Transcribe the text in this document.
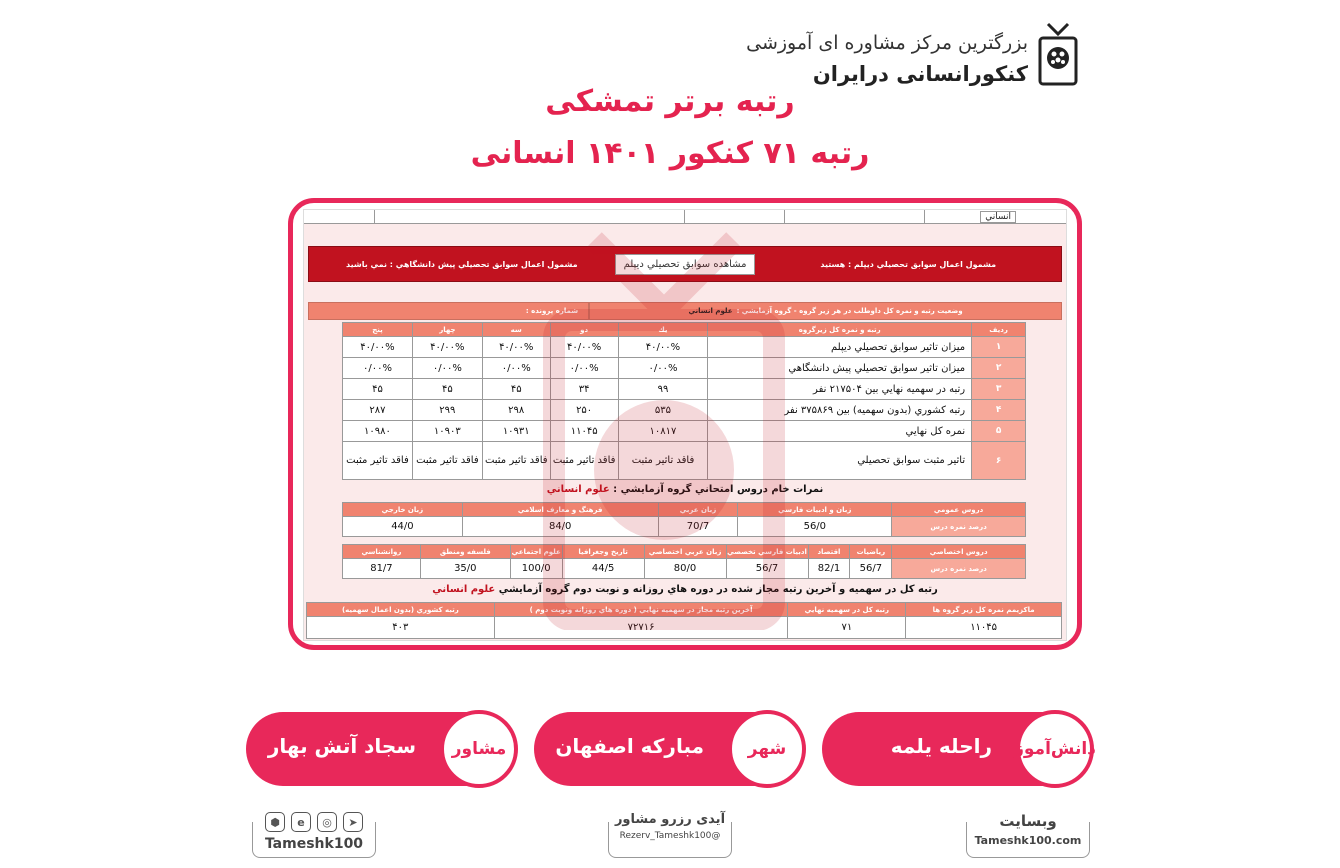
بزرگترین مرکز مشاوره ای آموزشی
کنکورانسانی درایران
رتبه برتر تمشکی
رتبه ۷۱ کنکور ۱۴۰۱ انسانی
انساني
مشمول اعمال سوابق تحصيلي ديپلم : هستيد
مشاهده سوابق تحصيلي ديپلم
مشمول اعمال سوابق تحصيلي پيش دانشگاهي : نمي باشيد
وضعيت رتبه و نمره كل داوطلب در هر زير گروه - گروه آزمايشي :
علوم انساني
شماره پرونده :
رديف	رتبه و نمره كل زيرگروه	يك	دو	سه	چهار	پنج
۱	ميزان تاثير سوابق تحصيلي ديپلم	۴۰/۰۰%	۴۰/۰۰%	۴۰/۰۰%	۴۰/۰۰%	۴۰/۰۰%
۲	ميزان تاثير سوابق تحصيلي پيش دانشگاهي	۰/۰۰%	۰/۰۰%	۰/۰۰%	۰/۰۰%	۰/۰۰%
۳	رتبه در سهميه نهايي بين ۲۱۷۵۰۴ نفر	۹۹	۳۴	۴۵	۴۵	۴۵
۴	رتبه كشوري (بدون سهميه) بين ۳۷۵۸۶۹ نفر	۵۳۵	۲۵۰	۲۹۸	۲۹۹	۲۸۷
۵	نمره كل نهايي	۱۰۸۱۷	۱۱۰۴۵	۱۰۹۳۱	۱۰۹۰۳	۱۰۹۸۰
۶	تاثير مثبت سوابق تحصيلي	فاقد تاثير مثبت	فاقد تاثير مثبت	فاقد تاثير مثبت	فاقد تاثير مثبت	فاقد تاثير مثبت
نمرات خام دروس امتحاني گروه آزمايشي : علوم انساني
دروس عمومي	زبان و ادبيات فارسي	زبان عربي	فرهنگ و معارف اسلامي	زبان خارجي
درصد نمره درس	56/0	70/7	84/0	44/0
دروس اختصاصي	رياضيات	اقتصاد	ادبيات فارسي تخصصي	زبان عربي اختصاصي	تاريخ وجغرافيا	علوم اجتماعي	فلسفه ومنطق	روانشناسي
درصد نمره درس	56/7	82/1	56/7	80/0	44/5	100/0	35/0	81/7
رتبه كل در سهميه و آخرين رتبه مجاز شده در دوره هاي روزانه و نوبت دوم گروه آزمايشي علوم انساني
ماكزيمم نمره كل زير گروه ها	رتبه كل در سهميه نهايي	آخرين رتبه مجاز در سهميه نهايي ( دوره هاي روزانه ونوبت دوم )	رتبه كشوري (بدون اعمال سهميه)
۱۱۰۴۵	۷۱	۷۲۷۱۶	۴۰۳
دانش‌آموز
راحله یلمه
شهر
مبارکه اصفهان
مشاور
سجاد آتش بهار
وبسایت
Tameshk100.com
آیدی رزرو مشاور
@Rezerv_Tameshk100
⬢	e	◎	➤
Tameshk100
